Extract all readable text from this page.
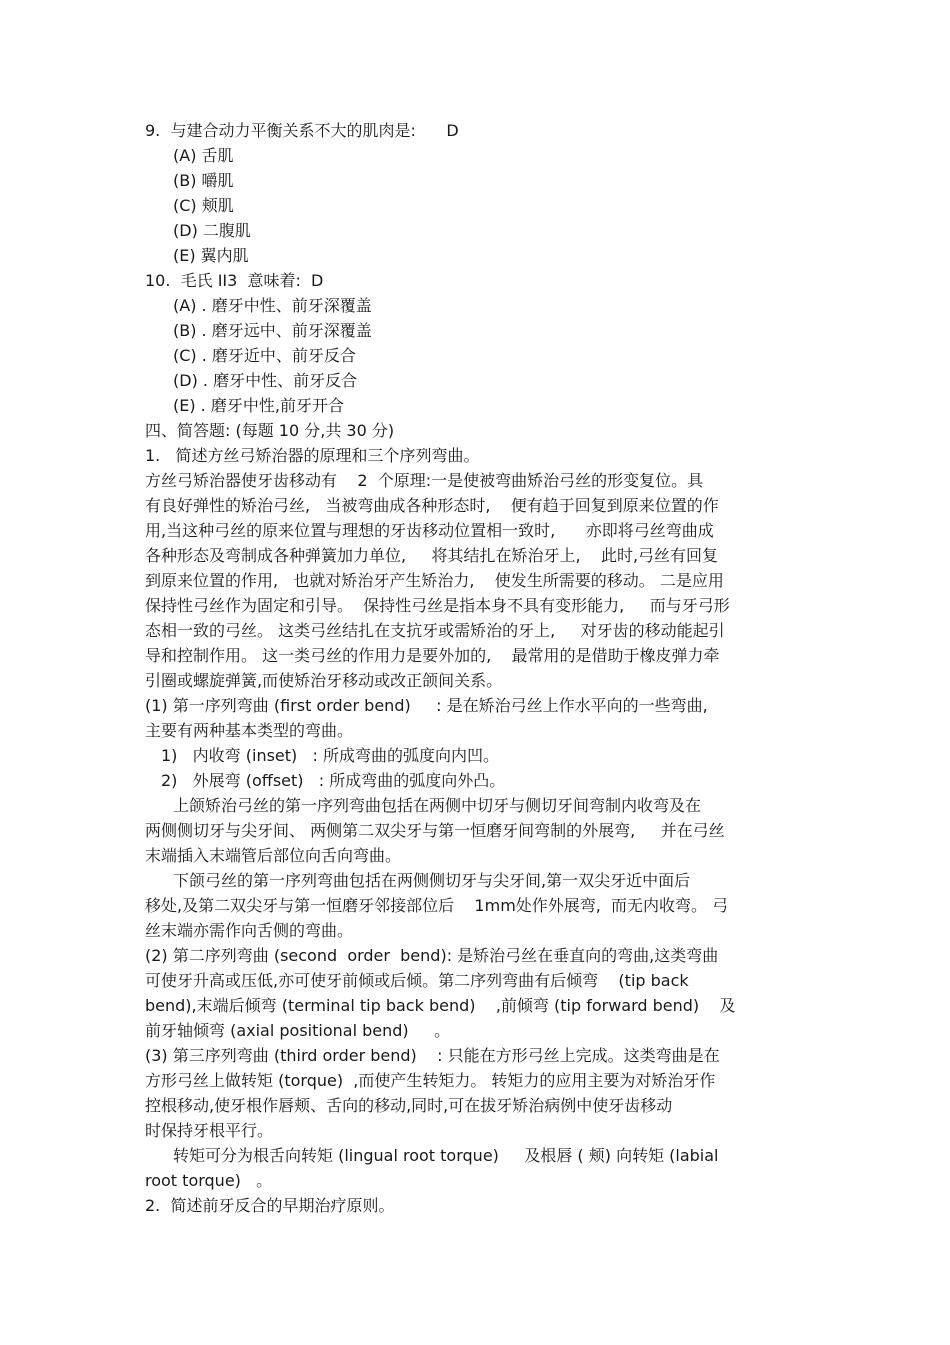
9.  与建合动力平衡关系不大的肌肉是:      D
(A) 舌肌
(B) 嚼肌
(C) 颊肌
(D) 二腹肌
(E) 翼内肌
10.  毛氏 II3  意味着:  D
(A) . 磨牙中性、前牙深覆盖
(B) . 磨牙远中、前牙深覆盖
(C) . 磨牙近中、前牙反合
(D) . 磨牙中性、前牙反合
(E) . 磨牙中性,前牙开合
四、简答题: (每题 10 分,共 30 分)
1.   简述方丝弓矫治器的原理和三个序列弯曲。
方丝弓矫治器使牙齿移动有    2  个原理:一是使被弯曲矫治弓丝的形变复位。具
有良好弹性的矫治弓丝,   当被弯曲成各种形态时,    便有趋于回复到原来位置的作
用,当这种弓丝的原来位置与理想的牙齿移动位置相一致时,      亦即将弓丝弯曲成
各种形态及弯制成各种弹簧加力单位,     将其结扎在矫治牙上,    此时,弓丝有回复
到原来位置的作用,   也就对矫治牙产生矫治力,    使发生所需要的移动。 二是应用
保持性弓丝作为固定和引导。  保持性弓丝是指本身不具有变形能力,     而与牙弓形
态相一致的弓丝。 这类弓丝结扎在支抗牙或需矫治的牙上,     对牙齿的移动能起引
导和控制作用。 这一类弓丝的作用力是要外加的,    最常用的是借助于橡皮弹力牵
引圈或螺旋弹簧,而使矫治牙移动或改正颌间关系。
(1) 第一序列弯曲 (first order bend)     : 是在矫治弓丝上作水平向的一些弯曲,
主要有两种基本类型的弯曲。
1)   内收弯 (inset)   : 所成弯曲的弧度向内凹。
2)   外展弯 (offset)   : 所成弯曲的弧度向外凸。
上颌矫治弓丝的第一序列弯曲包括在两侧中切牙与侧切牙间弯制内收弯及在
两侧侧切牙与尖牙间、 两侧第二双尖牙与第一恒磨牙间弯制的外展弯,     并在弓丝
末端插入末端管后部位向舌向弯曲。
下颌弓丝的第一序列弯曲包括在两侧侧切牙与尖牙间,第一双尖牙近中面后
移处,及第二双尖牙与第一恒磨牙邻接部位后    1mm处作外展弯,  而无内收弯。 弓
丝末端亦需作向舌侧的弯曲。
(2) 第二序列弯曲 (second  order  bend): 是矫治弓丝在垂直向的弯曲,这类弯曲
可使牙升高或压低,亦可使牙前倾或后倾。第二序列弯曲有后倾弯    (tip back
bend),末端后倾弯 (terminal tip back bend)    ,前倾弯 (tip forward bend)    及
前牙轴倾弯 (axial positional bend)     。
(3) 第三序列弯曲 (third order bend)    : 只能在方形弓丝上完成。这类弯曲是在
方形弓丝上做转矩 (torque)  ,而使产生转矩力。 转矩力的应用主要为对矫治牙作
控根移动,使牙根作唇颊、舌向的移动,同时,可在拔牙矫治病例中使牙齿移动
时保持牙根平行。
转矩可分为根舌向转矩 (lingual root torque)     及根唇 ( 颊) 向转矩 (labial
root torque)   。
2.  简述前牙反合的早期治疗原则。
